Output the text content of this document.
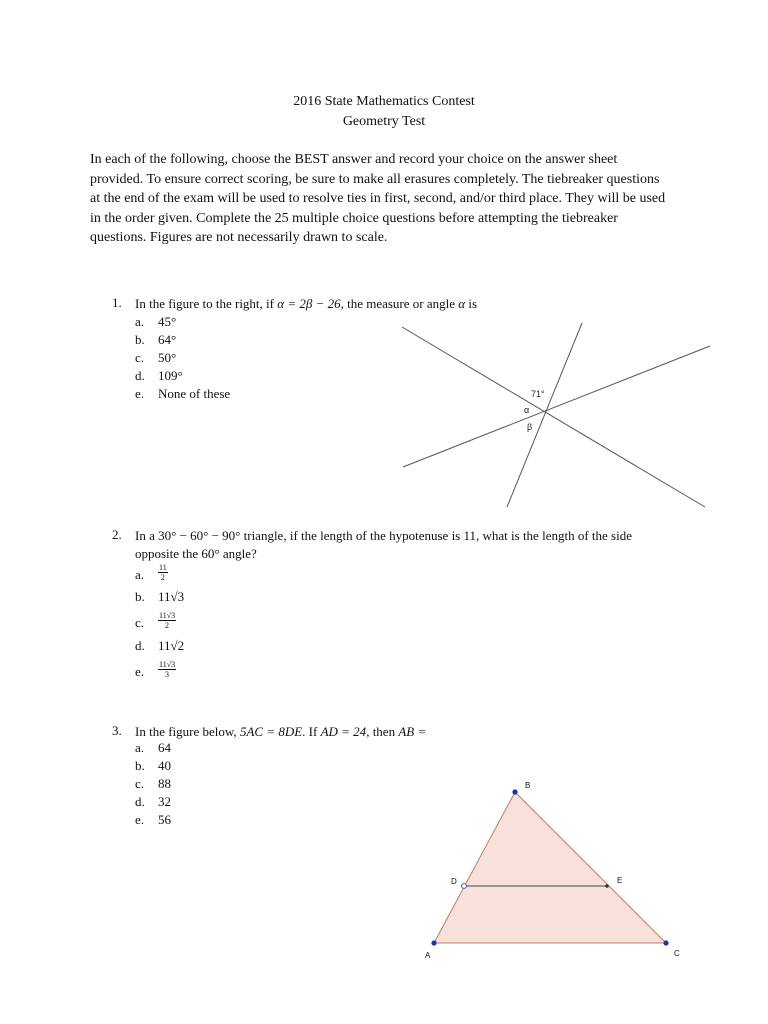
2016 State Mathematics Contest
Geometry Test
In each of the following, choose the BEST answer and record your choice on the answer sheet provided. To ensure correct scoring, be sure to make all erasures completely. The tiebreaker questions at the end of the exam will be used to resolve ties in first, second, and/or third place. They will be used in the order given. Complete the 25 multiple choice questions before attempting the tiebreaker questions. Figures are not necessarily drawn to scale.
1. In the figure to the right, if α = 2β − 26, the measure or angle α is
a. 45°
b. 64°
c. 50°
d. 109°
e. None of these	71°
α
β
2. In a 30° − 60° − 90° triangle, if the length of the hypotenuse is 11, what is the length of the side
opposite the 60° angle?
a. $\frac{11}{2}$
b. 11√3
c. $\frac{11√3}{2}$
d. 11√2
e. $\frac{11√3}{3}$
3. In the figure below, 5AC = 8DE. If AD = 24, then AB =
a. 64
b. 40
c. 88
d. 32
e. 56
A
B
C
D	E
